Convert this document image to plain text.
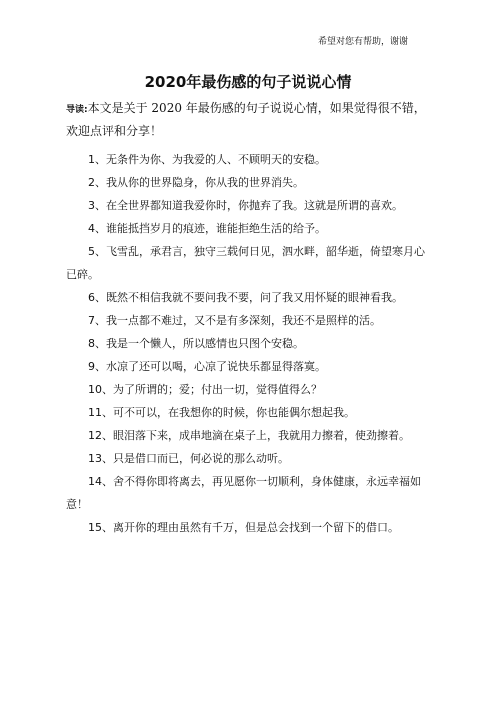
希望对您有帮助，谢谢
2020年最伤感的句子说说心情

导读:本文是关于 2020 年最伤感的句子说说心情，如果觉得很不错，欢迎点评和分享！

1、无条件为你、为我爱的人、不顾明天的安稳。
2、我从你的世界隐身，你从我的世界消失。
3、在全世界都知道我爱你时，你抛弃了我。这就是所谓的喜欢。
4、谁能抵挡岁月的痕迹，谁能拒绝生活的给予。
5、飞雪乱，承君言，独守三载何日见，泗水畔，韶华逝，倚望寒月心已碎。
6、既然不相信我就不要问我不要，问了我又用怀疑的眼神看我。
7、我一点都不难过，又不是有多深刻，我还不是照样的活。
8、我是一个懒人，所以感情也只图个安稳。
9、水凉了还可以喝，心凉了说快乐都显得落寞。
10、为了所谓的；爱；付出一切，觉得值得么？
11、可不可以，在我想你的时候，你也能偶尔想起我。
12、眼泪落下来，成串地滴在桌子上，我就用力擦着，使劲擦着。
13、只是借口而已，何必说的那么动听。
14、舍不得你即将离去，再见愿你一切顺利，身体健康，永远幸福如意！
15、离开你的理由虽然有千万，但是总会找到一个留下的借口。
